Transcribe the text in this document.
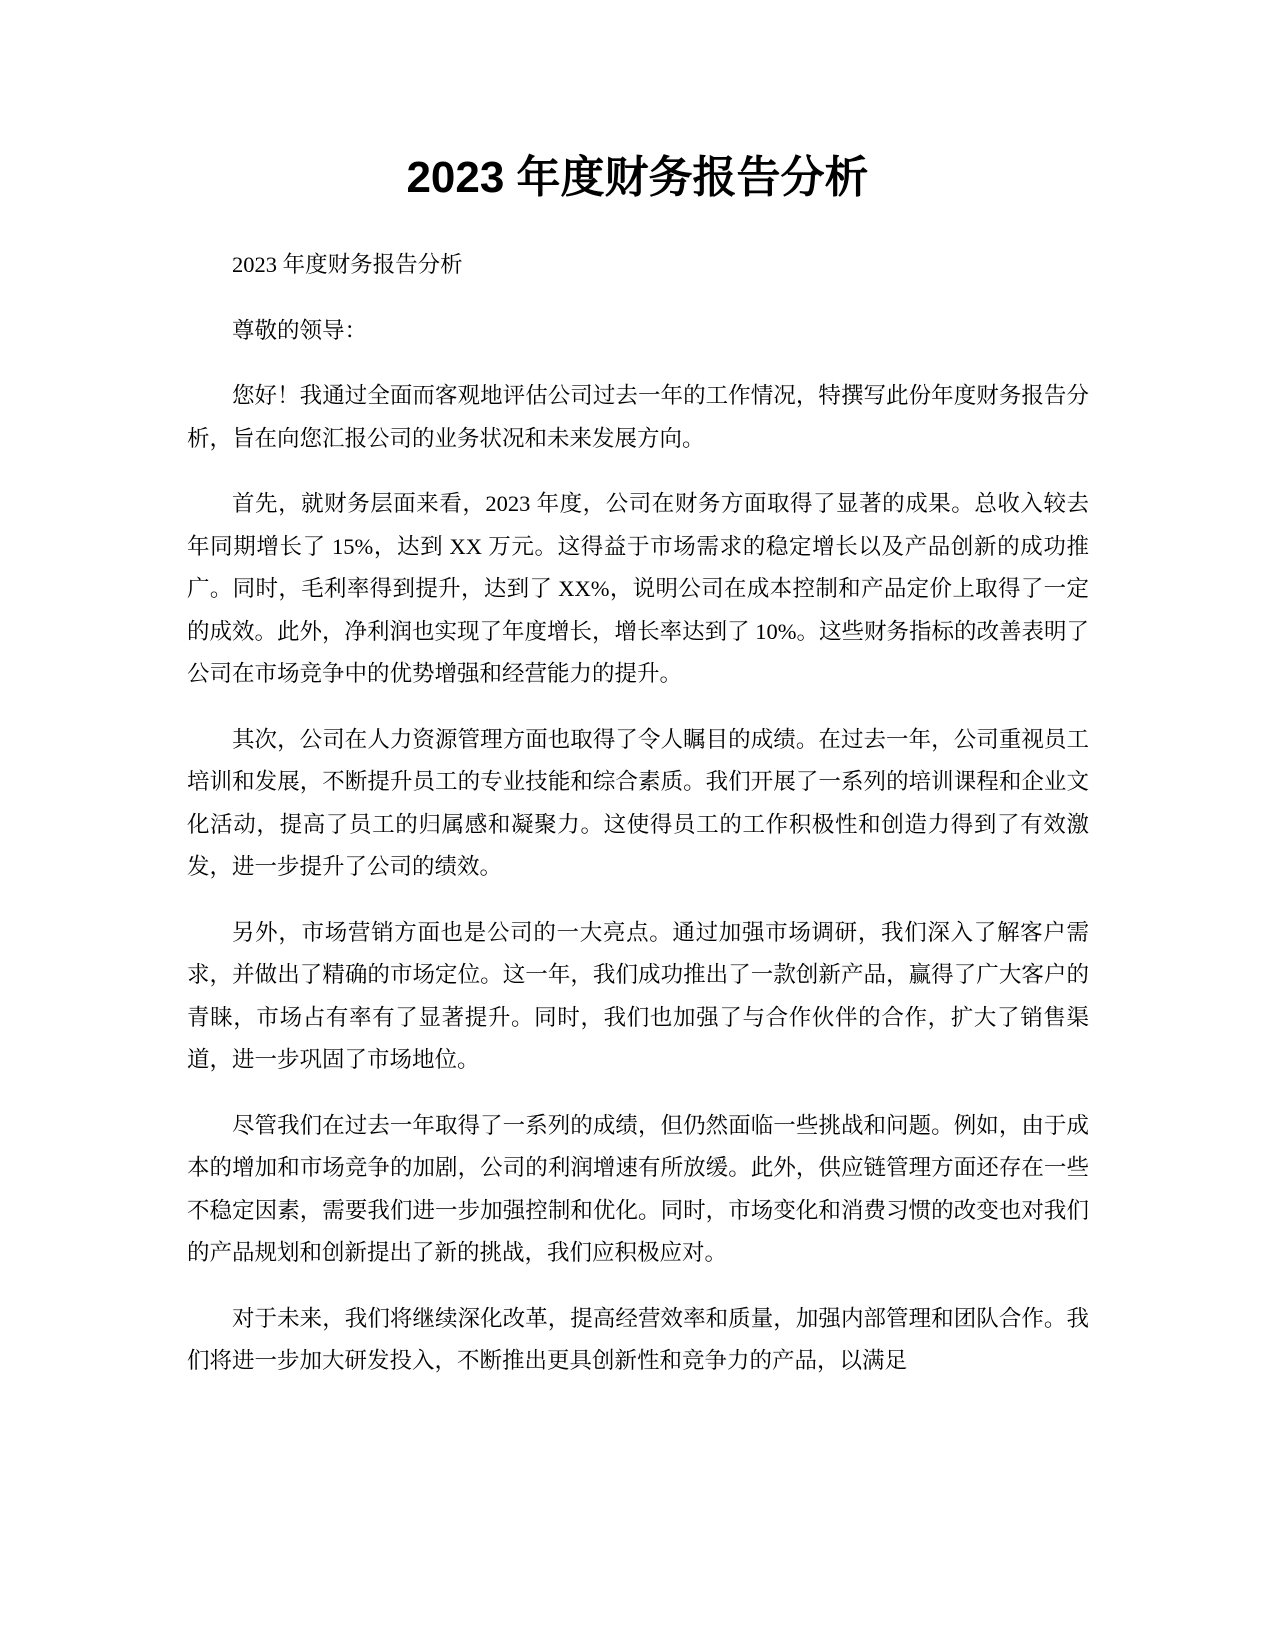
2023 年度财务报告分析

2023 年度财务报告分析

尊敬的领导：

您好！我通过全面而客观地评估公司过去一年的工作情况，特撰写此份年度财务报告分析，旨在向您汇报公司的业务状况和未来发展方向。

首先，就财务层面来看，2023 年度，公司在财务方面取得了显著的成果。总收入较去年同期增长了 15%，达到 XX 万元。这得益于市场需求的稳定增长以及产品创新的成功推广。同时，毛利率得到提升，达到了 XX%，说明公司在成本控制和产品定价上取得了一定的成效。此外，净利润也实现了年度增长，增长率达到了 10%。这些财务指标的改善表明了公司在市场竞争中的优势增强和经营能力的提升。

其次，公司在人力资源管理方面也取得了令人瞩目的成绩。在过去一年，公司重视员工培训和发展，不断提升员工的专业技能和综合素质。我们开展了一系列的培训课程和企业文化活动，提高了员工的归属感和凝聚力。这使得员工的工作积极性和创造力得到了有效激发，进一步提升了公司的绩效。

另外，市场营销方面也是公司的一大亮点。通过加强市场调研，我们深入了解客户需求，并做出了精确的市场定位。这一年，我们成功推出了一款创新产品，赢得了广大客户的青睐，市场占有率有了显著提升。同时，我们也加强了与合作伙伴的合作，扩大了销售渠道，进一步巩固了市场地位。

尽管我们在过去一年取得了一系列的成绩，但仍然面临一些挑战和问题。例如，由于成本的增加和市场竞争的加剧，公司的利润增速有所放缓。此外，供应链管理方面还存在一些不稳定因素，需要我们进一步加强控制和优化。同时，市场变化和消费习惯的改变也对我们的产品规划和创新提出了新的挑战，我们应积极应对。

对于未来，我们将继续深化改革，提高经营效率和质量，加强内部管理和团队合作。我们将进一步加大研发投入，不断推出更具创新性和竞争力的产品，以满足
